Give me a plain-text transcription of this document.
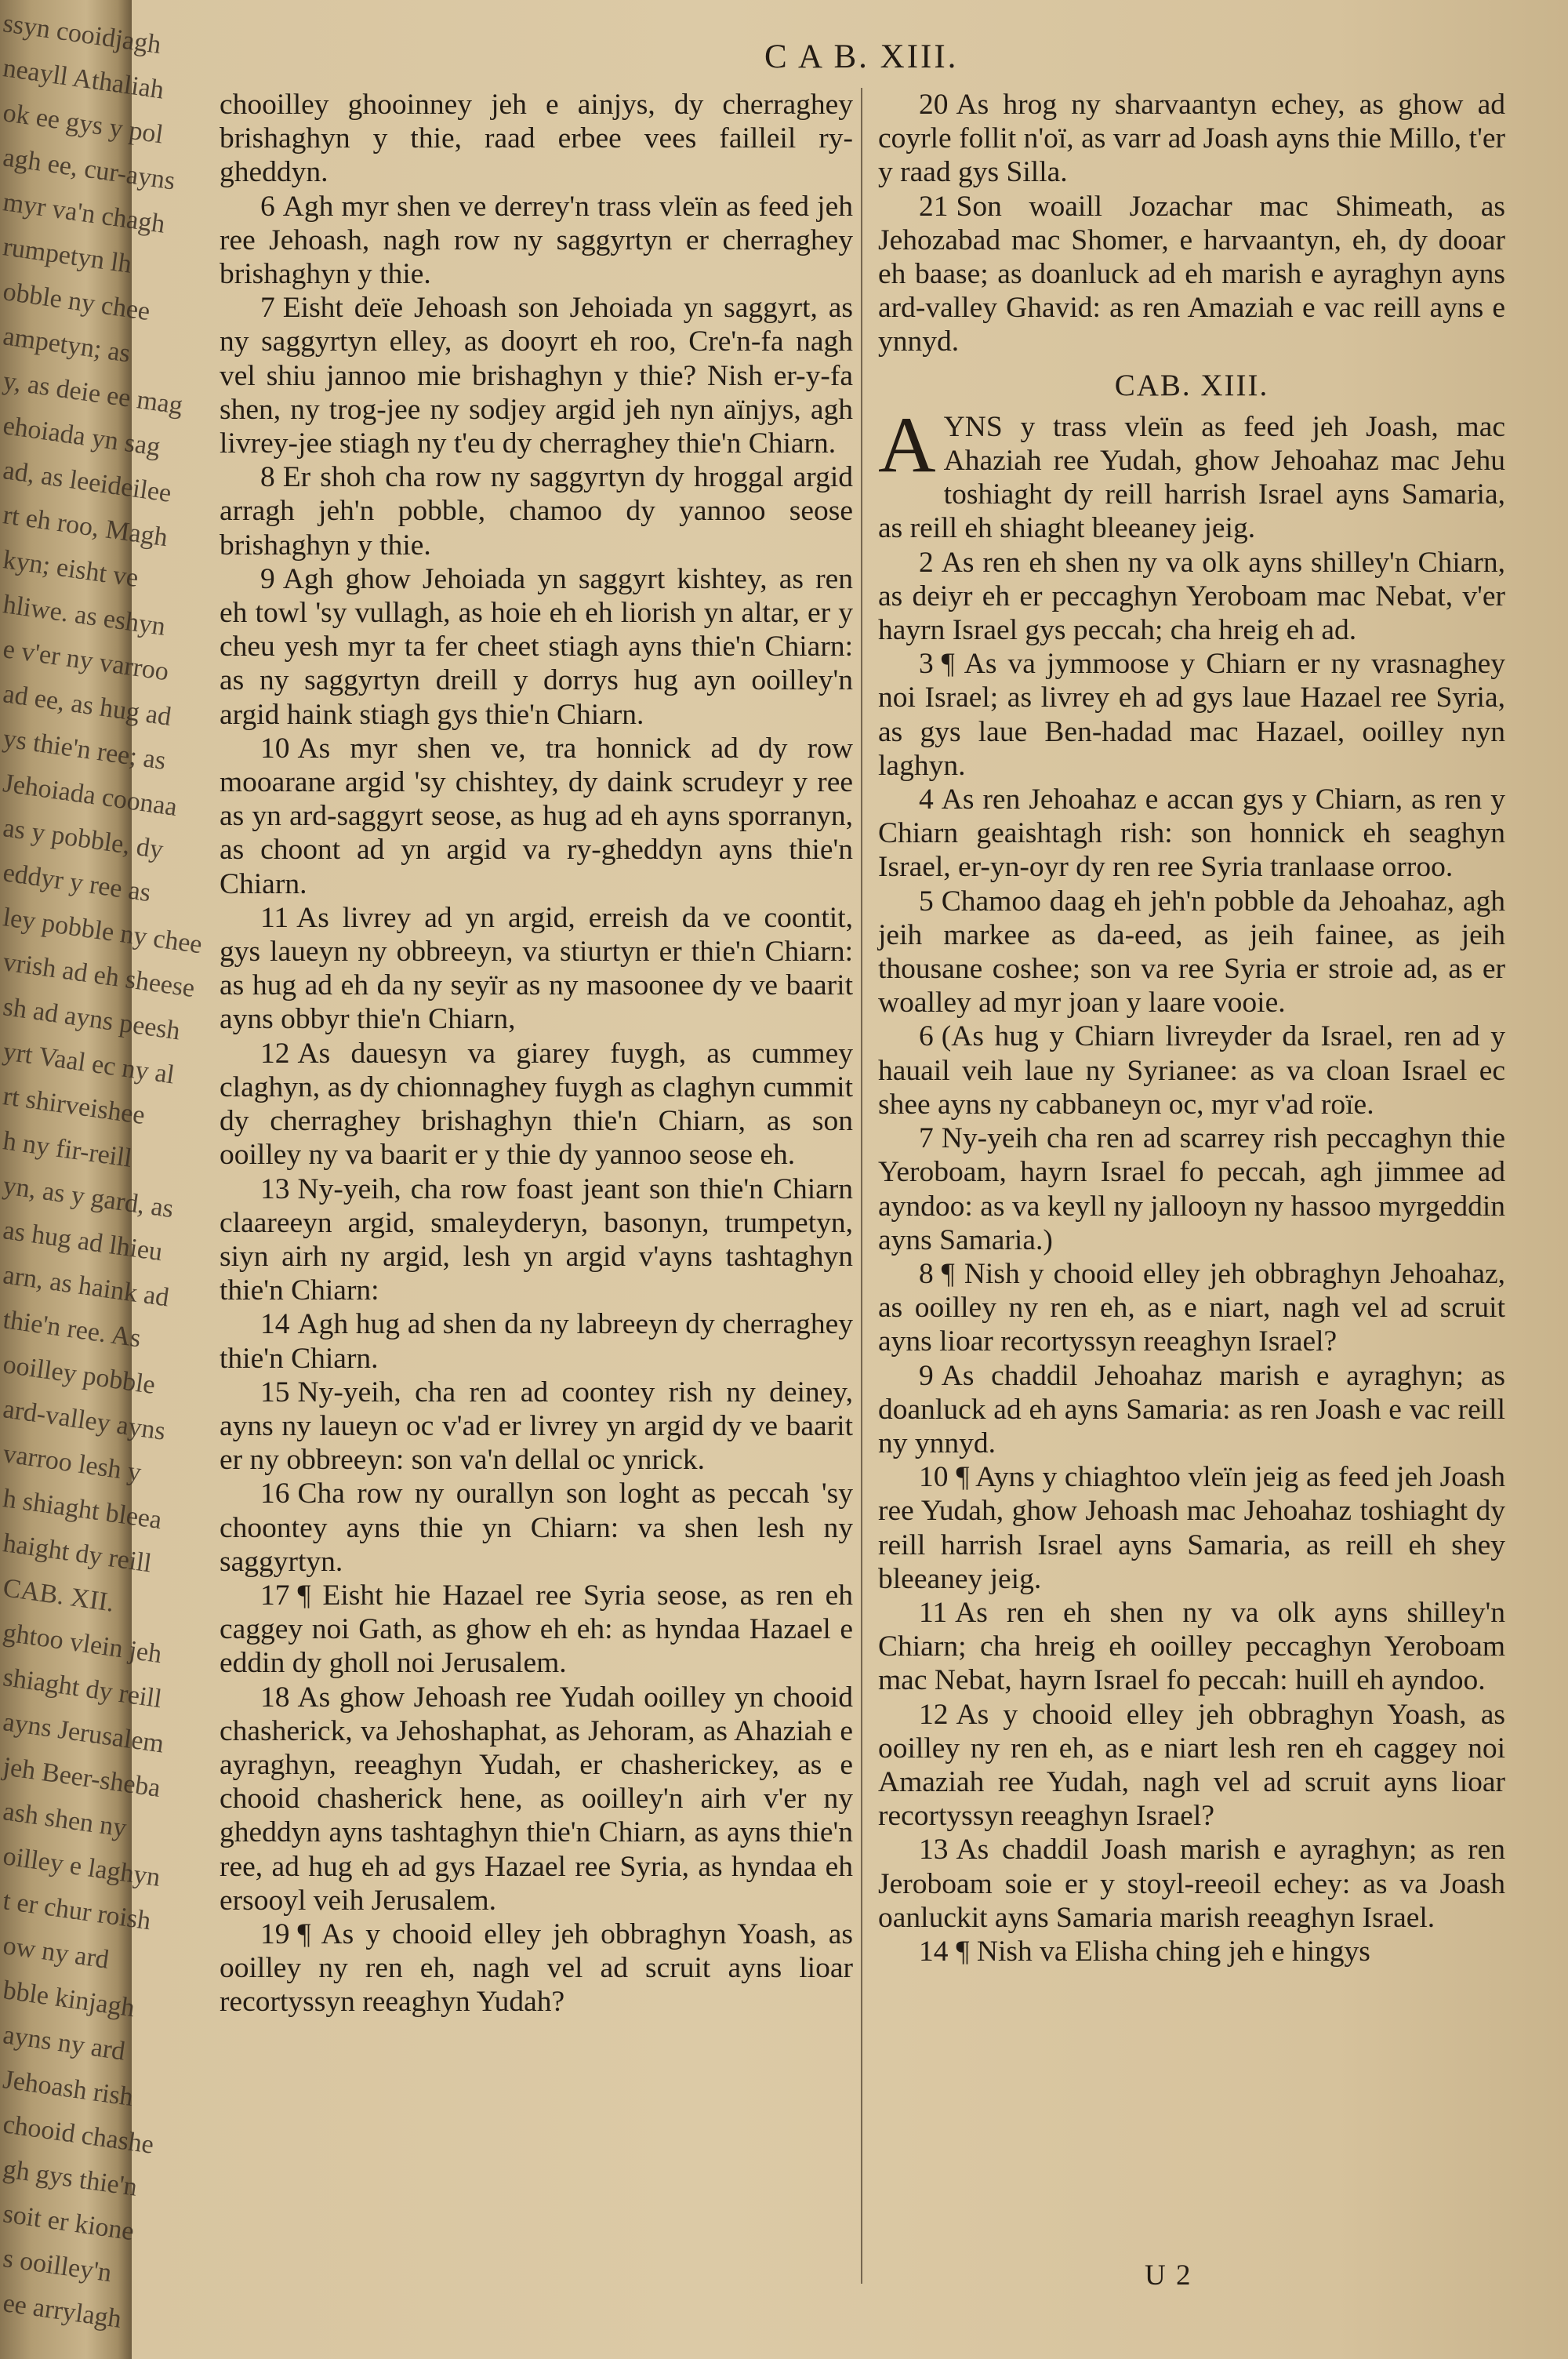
ssyn cooidjagh
neayll Athaliah
ok ee gys y pol
agh ee, cur-ayns
myr va'n chagh
rumpetyn lh
obble ny chee
ampetyn; as
y, as deie ee mag
ehoiada yn sag
ad, as leeideilee
rt eh roo, Magh
kyn; eisht ve
hliwe. as eshyn
e v'er ny varroo
ad ee, as hug ad
ys thie'n ree; as
Jehoiada coonaa
as y pobble, dy
eddyr y ree as
ley pobble ny chee
vrish ad eh sheese
sh ad ayns peesh
yrt Vaal ec ny al
rt shirveishee
h ny fir-reill
yn, as y gard, as
as hug ad lhieu
arn, as haink ad
thie'n ree. As
ooilley pobble
ard-valley ayns
varroo lesh y
h shiaght bleea
haight dy reill
CAB. XII.
ghtoo vlein jeh
shiaght dy reill
ayns Jerusalem
jeh Beer-sheba
ash shen ny
oilley e laghyn
t er chur roish
ow ny ard
bble kinjagh
ayns ny ard
Jehoash rish
chooid chashe
gh gys thie'n
soit er kione
s ooilley'n
ee arrylagh
C A B. XIII.

chooilley ghooinney jeh e ainjys, dy cherraghey brishaghyn y thie, raad erbee vees failleil ry-gheddyn.

6 Agh myr shen ve derrey'n trass vleïn as feed jeh ree Jehoash, nagh row ny saggyrtyn er cherraghey brishaghyn y thie.

7 Eisht deïe Jehoash son Jehoiada yn saggyrt, as ny saggyrtyn elley, as dooyrt eh roo, Cre'n-fa nagh vel shiu jannoo mie brishaghyn y thie? Nish er-y-fa shen, ny trog-jee ny sodjey argid jeh nyn aïnjys, agh livrey-jee stiagh ny t'eu dy cherraghey thie'n Chiarn.

8 Er shoh cha row ny saggyrtyn dy hroggal argid arragh jeh'n pobble, chamoo dy yannoo seose brishaghyn y thie.

9 Agh ghow Jehoiada yn saggyrt kishtey, as ren eh towl 'sy vullagh, as hoie eh eh liorish yn altar, er y cheu yesh myr ta fer cheet stiagh ayns thie'n Chiarn: as ny saggyrtyn dreill y dorrys hug ayn ooilley'n argid haink stiagh gys thie'n Chiarn.

10 As myr shen ve, tra honnick ad dy row mooarane argid 'sy chishtey, dy daink scrudeyr y ree as yn ard-saggyrt seose, as hug ad eh ayns sporranyn, as choont ad yn argid va ry-gheddyn ayns thie'n Chiarn.

11 As livrey ad yn argid, erreish da ve coontit, gys laueyn ny obbreeyn, va stiurtyn er thie'n Chiarn: as hug ad eh da ny seyïr as ny masoonee dy ve baarit ayns obbyr thie'n Chiarn,

12 As dauesyn va giarey fuygh, as cummey claghyn, as dy chionnaghey fuygh as claghyn cummit dy cherraghey brishaghyn thie'n Chiarn, as son ooilley ny va baarit er y thie dy yannoo seose eh.

13 Ny-yeih, cha row foast jeant son thie'n Chiarn claareeyn argid, smaleyderyn, basonyn, trumpetyn, siyn airh ny argid, lesh yn argid v'ayns tashtaghyn thie'n Chiarn:

14 Agh hug ad shen da ny labreeyn dy cherraghey thie'n Chiarn.

15 Ny-yeih, cha ren ad coontey rish ny deiney, ayns ny laueyn oc v'ad er livrey yn argid dy ve baarit er ny obbreeyn: son va'n dellal oc ynrick.

16 Cha row ny ourallyn son loght as peccah 'sy choontey ayns thie yn Chiarn: va shen lesh ny saggyrtyn.

17 ¶ Eisht hie Hazael ree Syria seose, as ren eh caggey noi Gath, as ghow eh eh: as hyndaa Hazael e eddin dy gholl noi Jerusalem.

18 As ghow Jehoash ree Yudah ooilley yn chooid chasherick, va Jehoshaphat, as Jehoram, as Ahaziah e ayraghyn, reeaghyn Yudah, er chasherickey, as e chooid chasherick hene, as ooilley'n airh v'er ny gheddyn ayns tashtaghyn thie'n Chiarn, as ayns thie'n ree, ad hug eh ad gys Hazael ree Syria, as hyndaa eh ersooyl veih Jerusalem.

19 ¶ As y chooid elley jeh obbraghyn Yoash, as ooilley ny ren eh, nagh vel ad scruit ayns lioar recortyssyn reeaghyn Yudah?

20 As hrog ny sharvaantyn echey, as ghow ad coyrle follit n'oï, as varr ad Joash ayns thie Millo, t'er y raad gys Silla.

21 Son woaill Jozachar mac Shimeath, as Jehozabad mac Shomer, e harvaantyn, eh, dy dooar eh baase; as doanluck ad eh marish e ayraghyn ayns ard-valley Ghavid: as ren Amaziah e vac reill ayns e ynnyd.

CAB. XIII.

AYNS y trass vleïn as feed jeh Joash, mac Ahaziah ree Yudah, ghow Jehoahaz mac Jehu toshiaght dy reill harrish Israel ayns Samaria, as reill eh shiaght bleeaney jeig.

2 As ren eh shen ny va olk ayns shilley'n Chiarn, as deiyr eh er peccaghyn Yeroboam mac Nebat, v'er hayrn Israel gys peccah; cha hreig eh ad.

3 ¶ As va jymmoose y Chiarn er ny vrasnaghey noi Israel; as livrey eh ad gys laue Hazael ree Syria, as gys laue Ben-hadad mac Hazael, ooilley nyn laghyn.

4 As ren Jehoahaz e accan gys y Chiarn, as ren y Chiarn geaishtagh rish: son honnick eh seaghyn Israel, er-yn-oyr dy ren ree Syria tranlaase orroo.

5 Chamoo daag eh jeh'n pobble da Jehoahaz, agh jeih markee as da-eed, as jeih fainee, as jeih thousane coshee; son va ree Syria er stroie ad, as er woalley ad myr joan y laare vooie.

6 (As hug y Chiarn livreyder da Israel, ren ad y hauail veih laue ny Syrianee: as va cloan Israel ec shee ayns ny cabbaneyn oc, myr v'ad roïe.

7 Ny-yeih cha ren ad scarrey rish peccaghyn thie Yeroboam, hayrn Israel fo peccah, agh jimmee ad ayndoo: as va keyll ny jallooyn ny hassoo myrgeddin ayns Samaria.)

8 ¶ Nish y chooid elley jeh obbraghyn Jehoahaz, as ooilley ny ren eh, as e niart, nagh vel ad scruit ayns lioar recortyssyn reeaghyn Israel?

9 As chaddil Jehoahaz marish e ayraghyn; as doanluck ad eh ayns Samaria: as ren Joash e vac reill ny ynnyd.

10 ¶ Ayns y chiaghtoo vleïn jeig as feed jeh Joash ree Yudah, ghow Jehoash mac Jehoahaz toshiaght dy reill harrish Israel ayns Samaria, as reill eh shey bleeaney jeig.

11 As ren eh shen ny va olk ayns shilley'n Chiarn; cha hreig eh ooilley peccaghyn Yeroboam mac Nebat, hayrn Israel fo peccah: huill eh ayndoo.

12 As y chooid elley jeh obbraghyn Yoash, as ooilley ny ren eh, as e niart lesh ren eh caggey noi Amaziah ree Yudah, nagh vel ad scruit ayns lioar recortyssyn reeaghyn Israel?

13 As chaddil Joash marish e ayraghyn; as ren Jeroboam soie er y stoyl-reeoil echey: as va Joash oanluckit ayns Samaria marish reeaghyn Israel.

14 ¶ Nish va Elisha ching jeh e hingys

U 2
